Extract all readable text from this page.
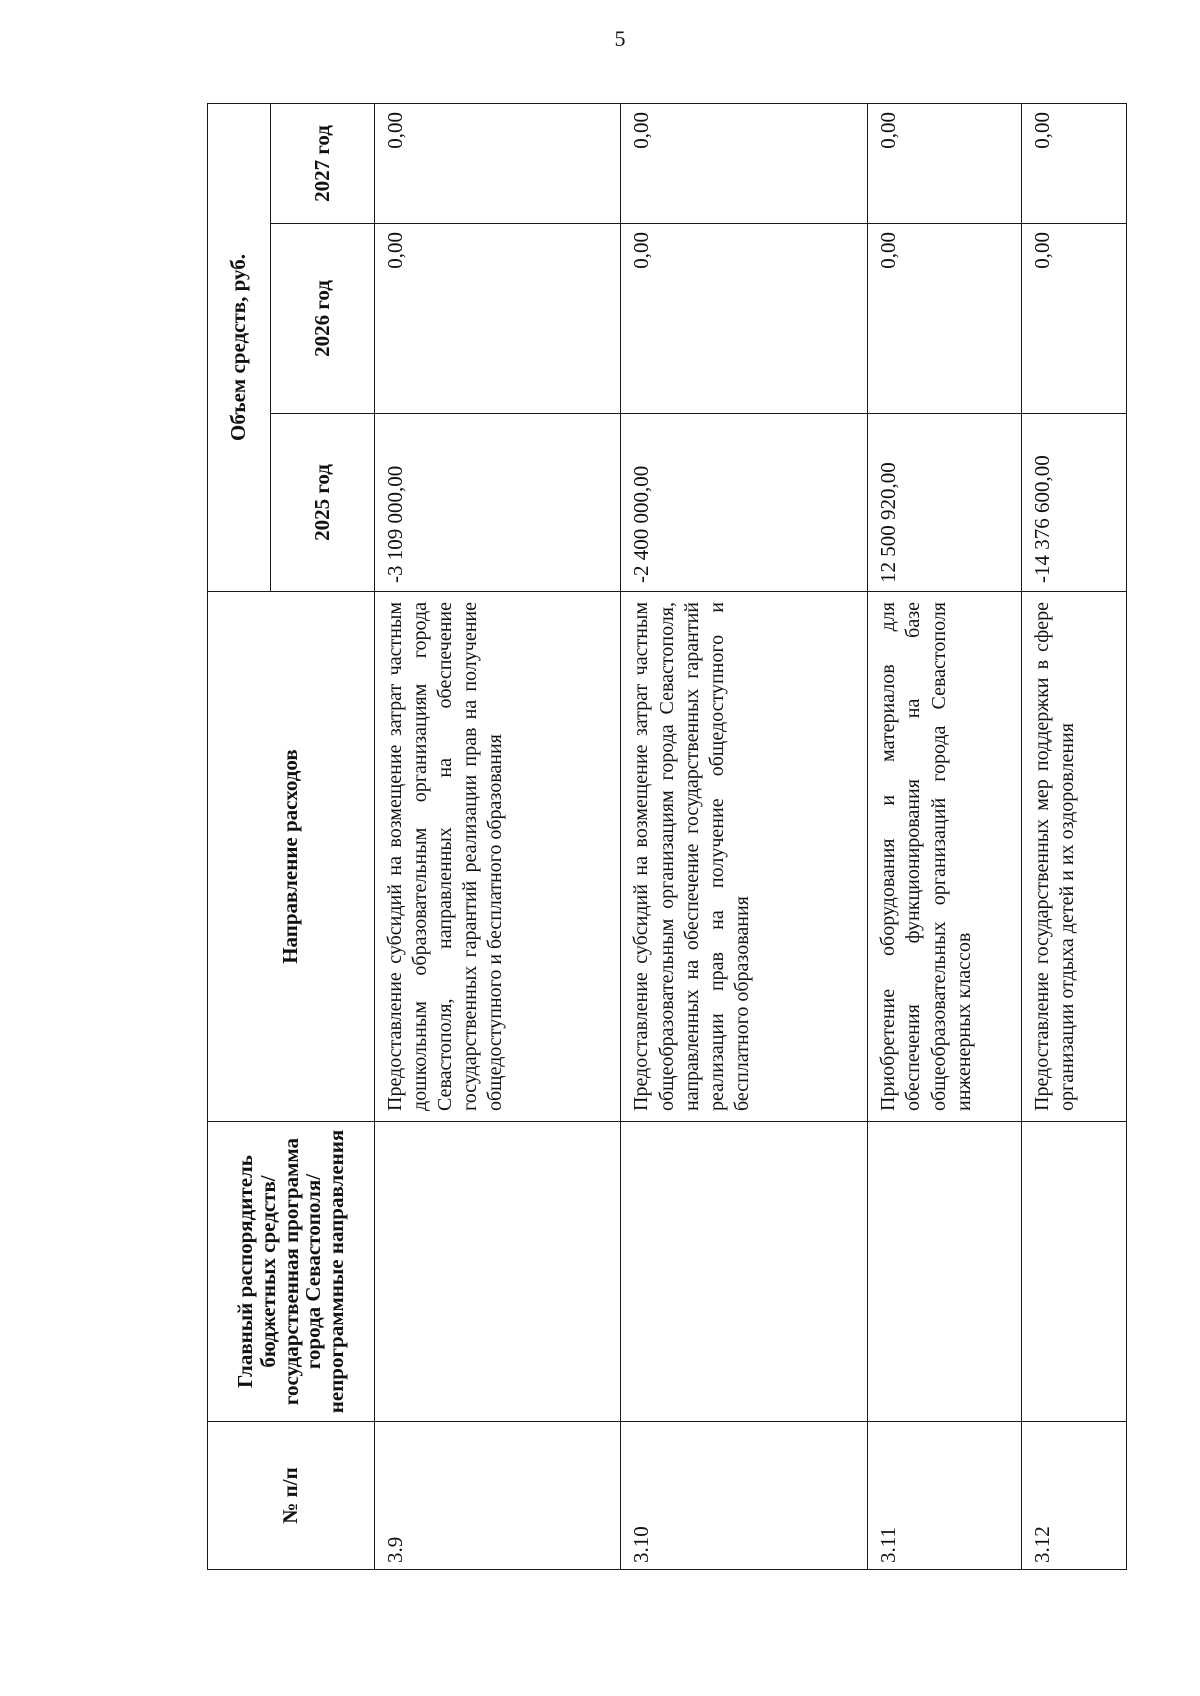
5
№ п/п	Главный распорядитель бюджетных средств/государственная программа города Севастополя/непрограммные направления	Направление расходов	Объем средств, руб.		
			2025 год	2026 год	2027 год
3.9		Предоставление субсидий на возмещение затрат частным дошкольным образовательным организациям города Севастополя, направленных на обеспечение государственных гарантий реализации прав на получение общедоступного и бесплатного образования	-3 109 000,00	0,00	0,00
3.10		Предоставление субсидий на возмещение затрат частным общеобразовательным организациям города Севастополя, направленных на обеспечение государственных гарантий реализации прав на получение общедоступного и бесплатного образования	-2 400 000,00	0,00	0,00
3.11		Приобретение оборудования и материалов для обеспечения функционирования на базе общеобразовательных организаций города Севастополя инженерных классов	12 500 920,00	0,00	0,00
3.12		Предоставление государственных мер поддержки в сфере организации отдыха детей и их оздоровления	-14 376 600,00	0,00	0,00
